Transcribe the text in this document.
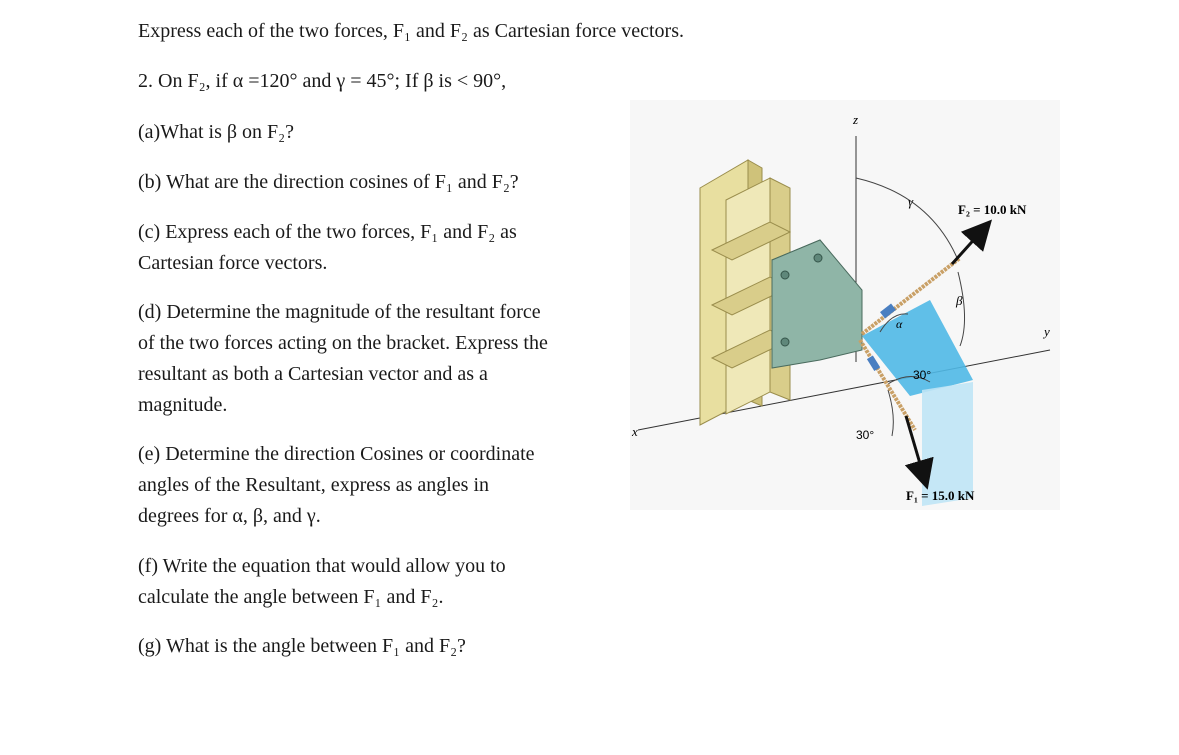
Express each of the two forces, F₁ and F₂ as Cartesian force vectors.
2. On F₂, if α =120° and γ = 45°; If β is < 90°,
(a)What is β on F₂?
(b) What are the direction cosines of F₁ and F₂?
(c) Express each of the two forces, F₁ and F₂ as
Cartesian force vectors.
(d) Determine the magnitude of the resultant force
of the two forces acting on the bracket. Express the
resultant as both a Cartesian vector and as a
magnitude.
(e) Determine the direction Cosines or coordinate
angles of the Resultant, express as angles in
degrees for α, β, and γ.
(f) Write the equation that would allow you to
calculate the angle between F₁ and F₂.
(g) What is the angle between F₁ and F₂?
x
y
z
γ
α
β
30°
30°
F₂ = 10.0 kN
F₁ = 15.0 kN
